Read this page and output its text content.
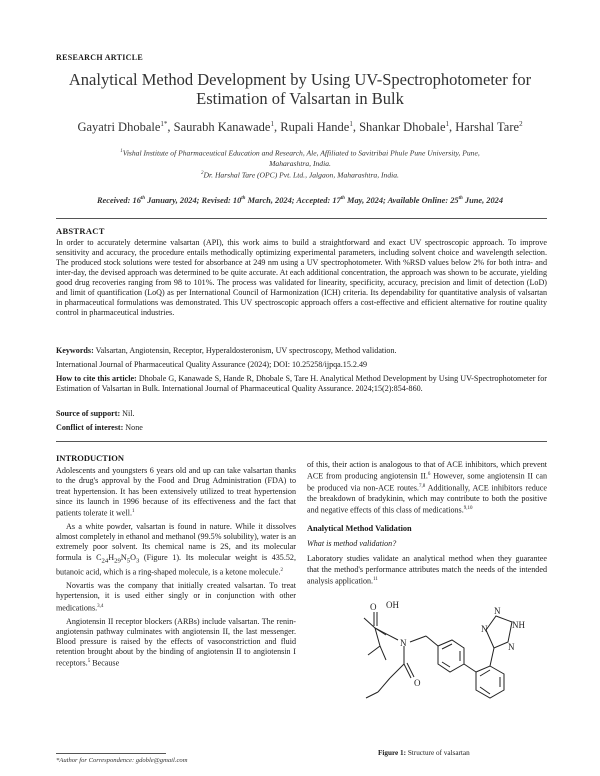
RESEARCH ARTICLE
Analytical Method Development by Using UV-Spectrophotometer for
Estimation of Valsartan in Bulk
Gayatri Dhobale$^{1*}$, Saurabh Kanawade$^1$, Rupali Hande$^1$, Shankar Dhobale$^1$, Harshal Tare$^2$
$^1$Vishal Institute of Pharmaceutical Education and Research, Ale, Affiliated to Savitribai Phule Pune University, Pune,
Maharashtra, India.
$^2$Dr. Harshal Tare (OPC) Pvt. Ltd., Jalgaon, Maharashtra, India.
Received: 16th January, 2024; Revised: 10th March, 2024; Accepted: 17th May, 2024; Available Online: 25th June, 2024
ABSTRACT
In order to accurately determine valsartan (API), this work aims to build a straightforward and exact UV spectroscopic approach. To improve sensitivity and accuracy, the procedure entails methodically optimizing experimental parameters, including solvent choice and wavelength selection. The produced stock solutions were tested for absorbance at 249 nm using a UV spectrophotometer. With %RSD values below 2% for both intra- and inter-day, the devised approach was determined to be quite accurate. At each additional concentration, the approach was shown to be accurate, yielding good drug recoveries ranging from 98 to 101%. The process was validated for linearity, specificity, accuracy, precision and limit of detection (LoD) and limit of quantification (LoQ) as per International Council of Harmonization (ICH) criteria. Its dependability for quantitative analysis of valsartan in pharmaceutical formulations was demonstrated. This UV spectroscopic approach offers a cost-effective and efficient alternative for routine quality control in pharmaceutical industries.
Keywords: Valsartan, Angiotensin, Receptor, Hyperaldosteronism, UV spectroscopy, Method validation.
International Journal of Pharmaceutical Quality Assurance (2024); DOI: 10.25258/ijpqa.15.2.49
How to cite this article: Dhobale G, Kanawade S, Hande R, Dhobale S, Tare H. Analytical Method Development by Using UV-Spectrophotometer for Estimation of Valsartan in Bulk. International Journal of Pharmaceutical Quality Assurance. 2024;15(2):854-860.
Source of support: Nil.
Conflict of interest: None
INTRODUCTION

Adolescents and youngsters 6 years old and up can take valsartan thanks to the drug's approval by the Food and Drug Administration (FDA) to treat hypertension. It has been extensively utilized to treat hypertension since its launch in 1996 because of its effectiveness and the fact that patients tolerate it well.$^1$

As a white powder, valsartan is found in nature. While it dissolves almost completely in ethanol and methanol (99.5% solubility), water is an extremely poor solvent. Its chemical name is 2S, and its molecular formula is $C_{24}H_{29}N_5O_3$ (Figure 1). Its molecular weight is 435.52, butanoic acid, which is a ring-shaped molecule, is a ketone molecule.$^2$

Novartis was the company that initially created valsartan. To treat hypertension, it is used either singly or in conjunction with other medications.$^{3,4}$

Angiotensin II receptor blockers (ARBs) include valsartan. The renin-angiotensin pathway culminates with angiotensin II, the last messenger. Blood pressure is raised by the effects of vasoconstriction and fluid retention brought about by the binding of angiotensin II to angiotensin I receptors.$^5$ Because

of this, their action is analogous to that of ACE inhibitors, which prevent ACE from producing angiotensin II.$^6$ However, some angiotensin II can be produced via non-ACE routes.$^{7,8}$ Additionally, ACE inhibitors reduce the breakdown of bradykinin, which may contribute to both the positive and negative effects of this class of medications.$^{9,10}$

Analytical Method Validation
What is method validation?

Laboratory studies validate an analytical method when they guarantee that the method's performance attributes match the needs of the intended analysis application.$^{11}$

O OH
N
O
N
N
NH
N
Figure 1: Structure of valsartan
*Author for Correspondence: gdoble@gmail.com
